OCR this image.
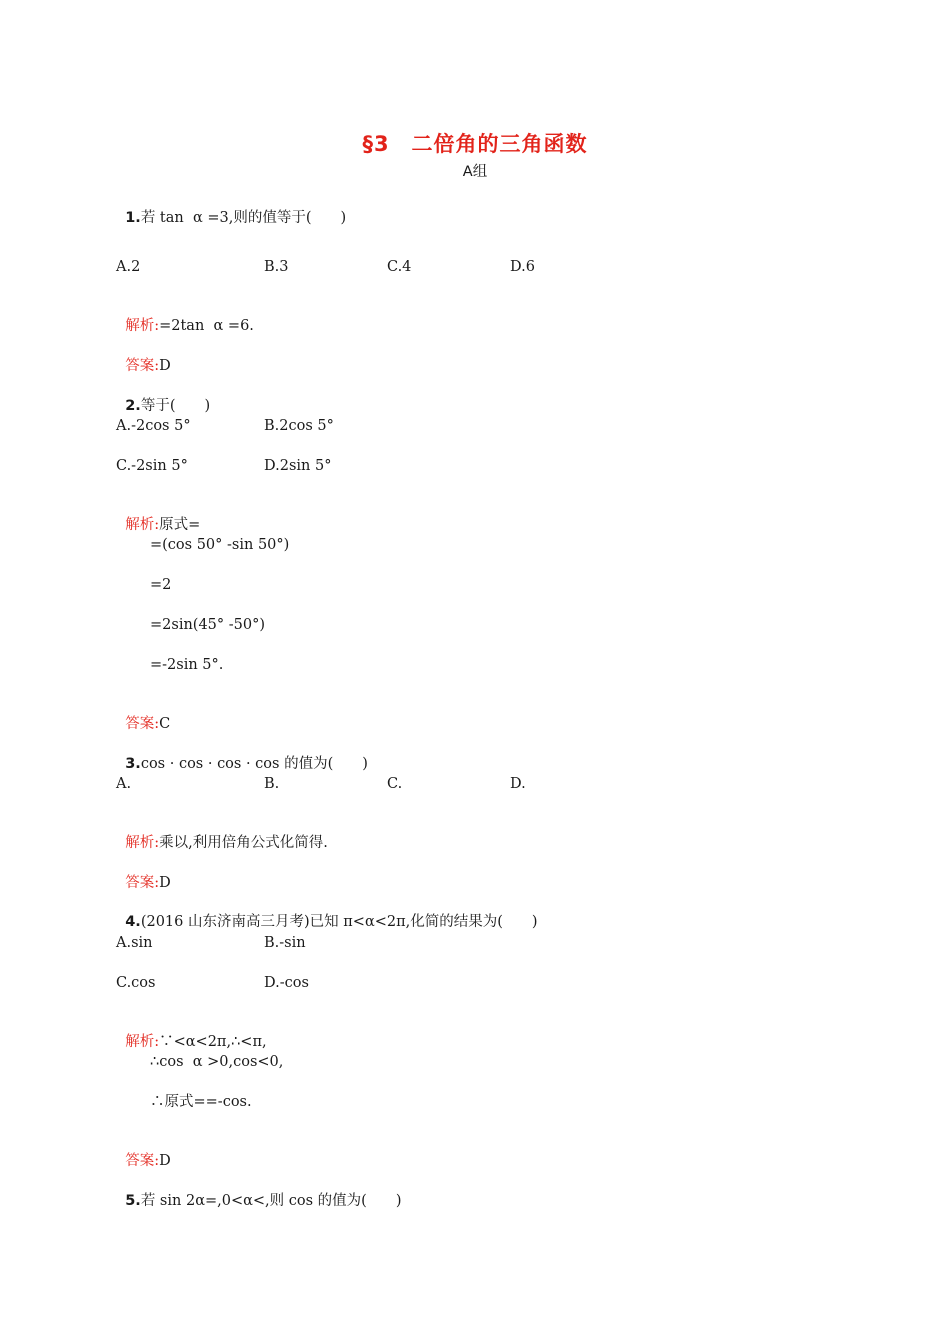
§3　二倍角的三角函数
A组

1.若 tan  α =3,则的值等于(　　)

A.2	B.3	C.4	D.6

解析:=2tan  α =6.

答案:D

2.等于(　　)

A.-2cos 5°	B.2cos 5°
C.-2sin 5°	D.2sin 5°

解析:原式=

=(cos 50° -sin 50°)
=2
=2sin(45° -50°)
=-2sin 5°.

答案:C

3.cos · cos · cos · cos 的值为(　　)

A.	B.	C.	D.

解析:乘以,利用倍角公式化简得.

答案:D

4.(2016 山东济南高三月考)已知 π<α<2π,化简的结果为(　　)

A.sin	B.-sin
C.cos	D.-cos

解析:∵<α<2π,∴<π,

∴cos  α >0,cos<0,
∴原式==-cos.

答案:D

5.若 sin 2α=,0<α<,则 cos 的值为(　　)
